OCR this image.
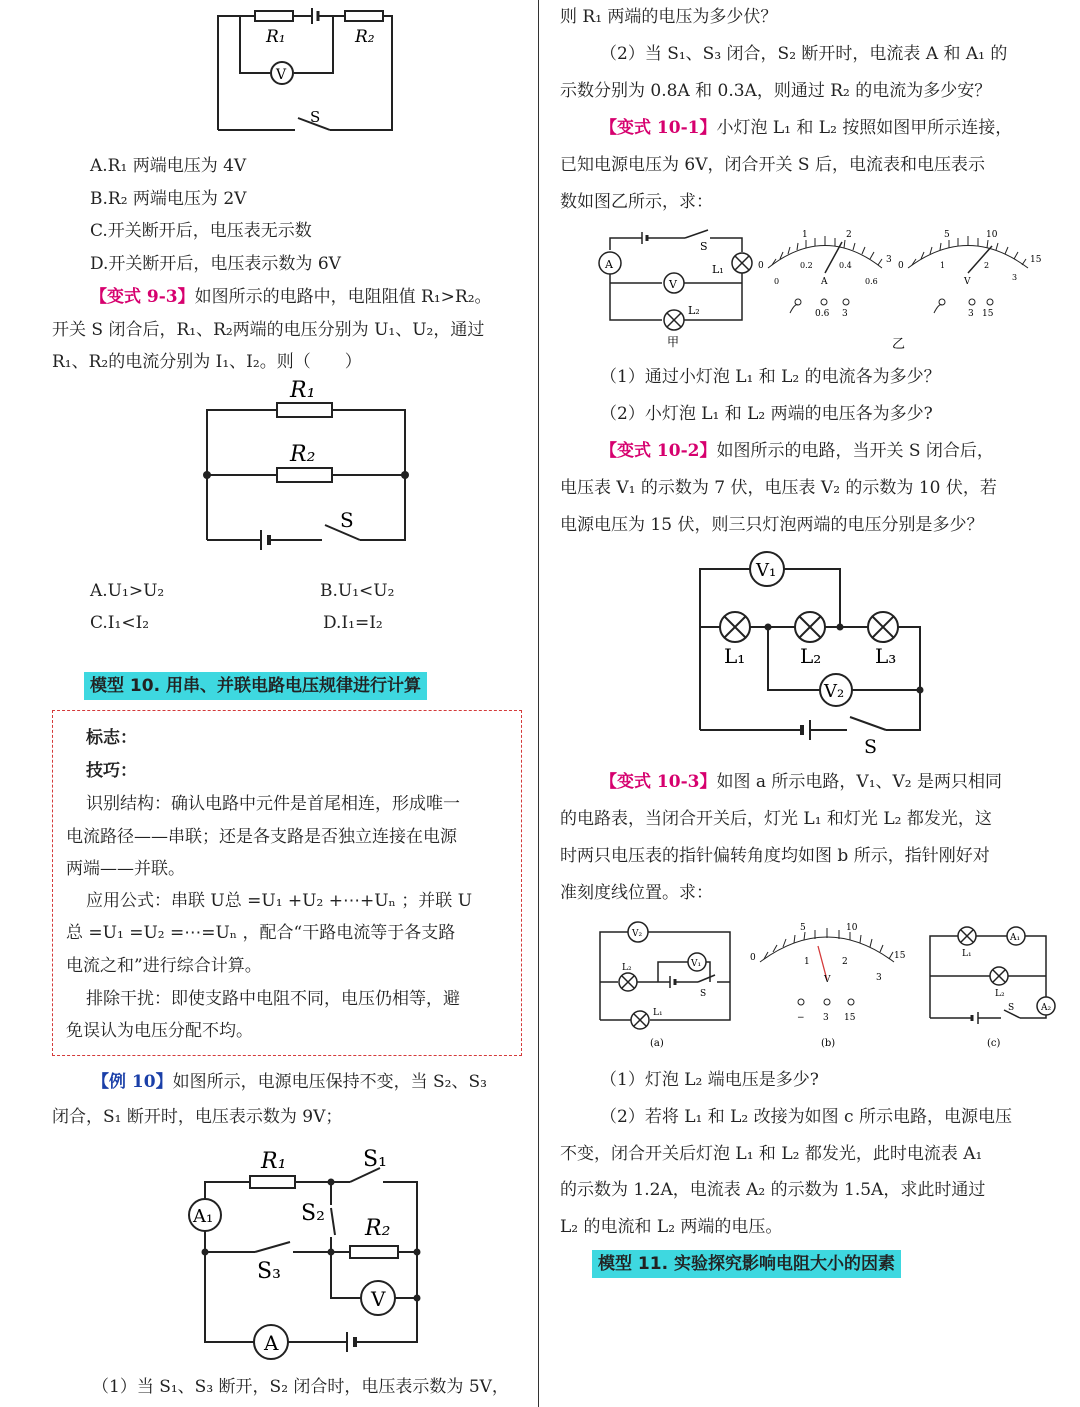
R₁	R₂
V
S
A.R₁ 两端电压为 4V
B.R₂ 两端电压为 2V
C.开关断开后，电压表无示数
D.开关断开后，电压表示数为 6V
【变式 9-3】如图所示的电路中，电阻阻值 R₁>R₂。
开关 S 闭合后，R₁、R₂两端的电压分别为 U₁、U₂，通过
R₁、R₂的电流分别为 I₁、I₂。则（　　）
R₁
R₂
S
A.U₁>U₂	B.U₁<U₂
C.I₁<I₂	D.I₁=I₂
模型 10. 用串、并联电路电压规律进行计算
标志：
技巧：
识别结构：确认电路中元件是首尾相连，形成唯一
电流路径——串联；还是各支路是否独立连接在电源
两端——并联。
应用公式：串联 U总 =U₁ +U₂ +⋯+Uₙ ；并联 U
总 =U₁ =U₂ =⋯=Uₙ ，配合“干路电流等于各支路
电流之和”进行综合计算。
排除干扰：即使支路中电阻不同，电压仍相等，避
免误认为电压分配不均。
【例 10】如图所示，电源电压保持不变，当 S₂、S₃
闭合，S₁ 断开时，电压表示数为 9V；
R₁	S₁
A₁	S₂
R₂
S₃
V
A
（1）当 S₁、S₃ 断开，S₂ 闭合时，电压表示数为 5V，
则 R₁ 两端的电压为多少伏？
（2）当 S₁、S₃ 闭合，S₂ 断开时，电流表 A 和 A₁ 的
示数分别为 0.8A 和 0.3A，则通过 R₂ 的电流为多少安？
【变式 10-1】小灯泡 L₁ 和 L₂ 按照如图甲所示连接，
已知电源电压为 6V，闭合开关 S 后，电流表和电压表示
数如图乙所示，求：
A
V
S
L₁
L₂
甲
0
1	2
3
0
0.2	0.4
0.6
A
0.6 3
0
5	10
15
1	2
3
V
3 15
乙
（1）通过小灯泡 L₁ 和 L₂ 的电流各为多少？
（2）小灯泡 L₁ 和 L₂ 两端的电压各为多少?
【变式 10-2】如图所示的电路，当开关 S 闭合后，
电压表 V₁ 的示数为 7 伏，电压表 V₂ 的示数为 10 伏，若
电源电压为 15 伏，则三只灯泡两端的电压分别是多少？
V₁
V₂
L₁	L₂	L₃
S
【变式 10-3】如图 a 所示电路，V₁、V₂ 是两只相同
的电路表，当闭合开关后，灯光 L₁ 和灯光 L₂ 都发光，这
时两只电压表的指针偏转角度均如图 b 所示，指针刚好对
准刻度线位置。求：
V₂
V₁
L₂
L₁
S
(a)
0
5	10
15
1	2
3
V
− 3 15
(b)
L₁
A₁
L₂
A₂
S
(c)
（1）灯泡 L₂ 端电压是多少?
（2）若将 L₁ 和 L₂ 改接为如图 c 所示电路，电源电压
不变，闭合开关后灯泡 L₁ 和 L₂ 都发光，此时电流表 A₁
的示数为 1.2A，电流表 A₂ 的示数为 1.5A，求此时通过
L₂ 的电流和 L₂ 两端的电压。
模型 11. 实验探究影响电阻大小的因素
